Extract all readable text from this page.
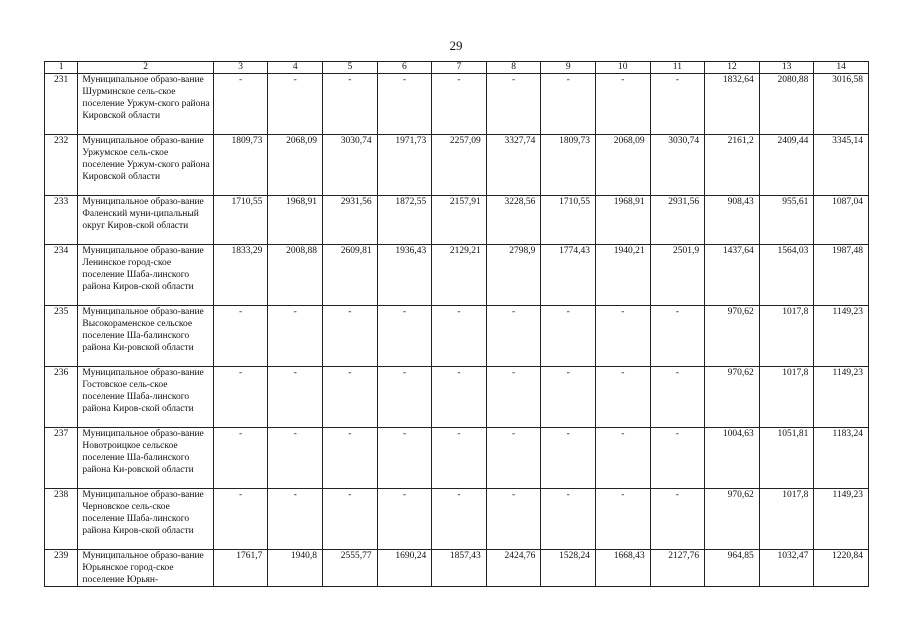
29
1	2	3	4	5	6	7	8	9	10	11	12	13	14
231	Муниципальное образо-вание Шурминское сель-ское поселение Уржум-ского района Кировской области	-	-	-	-	-	-	-	-	-	1832,64	2080,88	3016,58
232	Муниципальное образо-вание Уржумское сель-ское поселение Уржум-ского района Кировской области	1809,73	2068,09	3030,74	1971,73	2257,09	3327,74	1809,73	2068,09	3030,74	2161,2	2409,44	3345,14
233	Муниципальное образо-вание Фаленский муни-ципальный округ Киров-ской области	1710,55	1968,91	2931,56	1872,55	2157,91	3228,56	1710,55	1968,91	2931,56	908,43	955,61	1087,04
234	Муниципальное образо-вание Ленинское город-ское поселение Шаба-линского района Киров-ской области	1833,29	2008,88	2609,81	1936,43	2129,21	2798,9	1774,43	1940,21	2501,9	1437,64	1564,03	1987,48
235	Муниципальное образо-вание Высокораменское сельское поселение Ша-балинского района Ки-ровской области	-	-	-	-	-	-	-	-	-	970,62	1017,8	1149,23
236	Муниципальное образо-вание Гостовское сель-ское поселение Шаба-линского района Киров-ской области	-	-	-	-	-	-	-	-	-	970,62	1017,8	1149,23
237	Муниципальное образо-вание Новотроицкое сельское поселение Ша-балинского района Ки-ровской области	-	-	-	-	-	-	-	-	-	1004,63	1051,81	1183,24
238	Муниципальное образо-вание Черновское сель-ское поселение Шаба-линского района Киров-ской области	-	-	-	-	-	-	-	-	-	970,62	1017,8	1149,23
239	Муниципальное образо-вание Юрьянское город-ское поселение Юрьян-	1761,7	1940,8	2555,77	1690,24	1857,43	2424,76	1528,24	1668,43	2127,76	964,85	1032,47	1220,84
